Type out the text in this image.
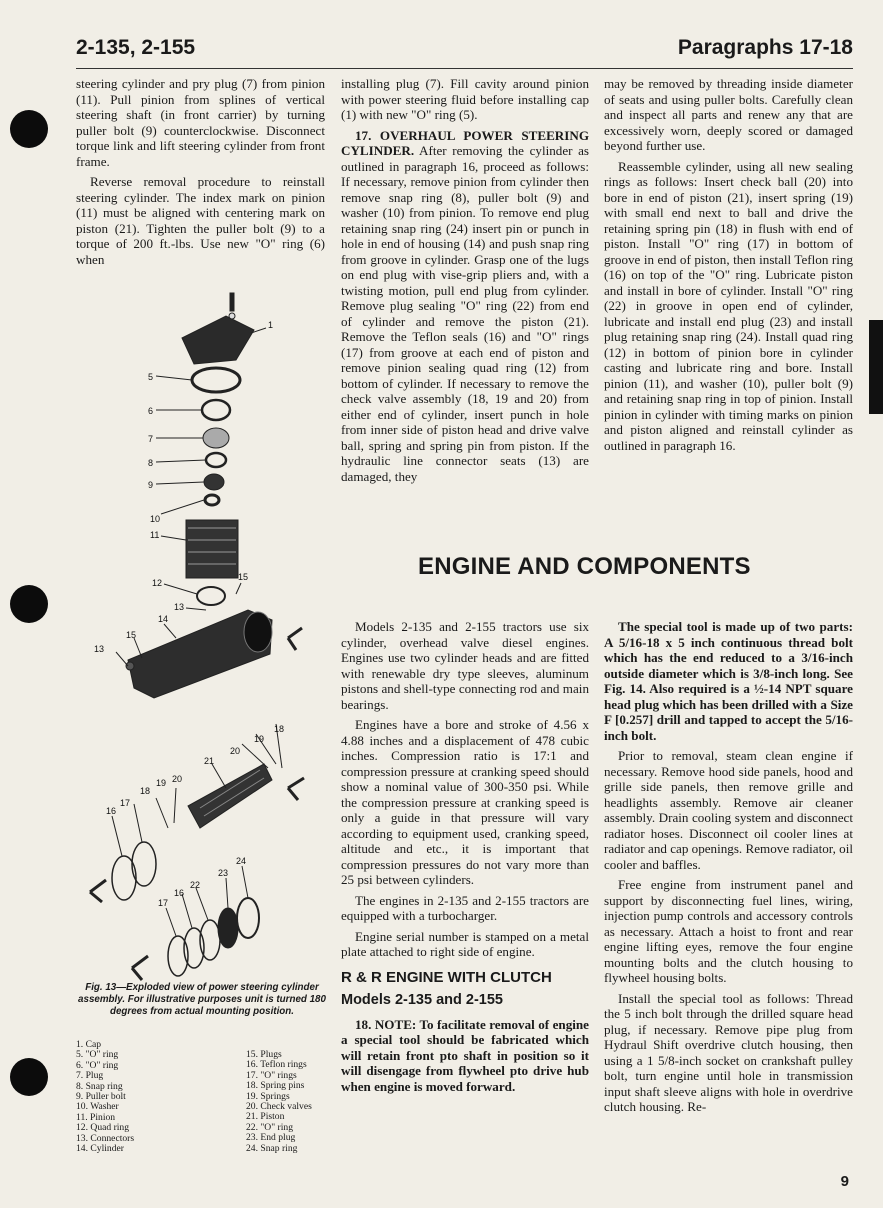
2-135, 2-155	Paragraphs 17-18

steering cylinder and pry plug (7) from pinion (11). Pull pinion from splines of vertical steering shaft (in front carrier) by turning puller bolt (9) counterclockwise. Disconnect torque link and lift steering cylinder from front frame.

Reverse removal procedure to reinstall steering cylinder. The index mark on pinion (11) must be aligned with centering mark on piston (21). Tighten the puller bolt (9) to a torque of 200 ft.-lbs. Use new "O" ring (6) when

installing plug (7). Fill cavity around pinion with power steering fluid before installing cap (1) with new "O" ring (5).

17. OVERHAUL POWER STEERING CYLINDER. After removing the cylinder as outlined in paragraph 16, proceed as follows: If necessary, remove pinion from cylinder then remove snap ring (8), puller bolt (9) and washer (10) from pinion. To remove end plug retaining snap ring (24) insert pin or punch in hole in end of housing (14) and push snap ring from groove in cylinder. Grasp one of the lugs on end plug with vise-grip pliers and, with a twisting motion, pull end plug from cylinder. Remove plug sealing "O" ring (22) from end of cylinder and remove the piston (21). Remove the Teflon seals (16) and "O" rings (17) from groove at each end of piston and remove pinion sealing quad ring (12) from bottom of cylinder. If necessary to remove the check valve assembly (18, 19 and 20) from either end of cylinder, insert punch in hole from inner side of piston head and drive valve ball, spring and spring pin from piston. If the hydraulic line connector seats (13) are damaged, they

may be removed by threading inside diameter of seats and using puller bolts. Carefully clean and inspect all parts and renew any that are excessively worn, deeply scored or damaged beyond further use.

Reassemble cylinder, using all new sealing rings as follows: Insert check ball (20) into bore in end of piston (21), insert spring (19) with small end next to ball and drive the retaining spring pin (18) in flush with end of piston. Install "O" ring (17) in bottom of groove in end of piston, then install Teflon ring (16) on top of the "O" ring. Lubricate piston and install in bore of cylinder. Install "O" ring (22) in groove in open end of cylinder, lubricate and install end plug (23) and install plug retaining snap ring (24). Install quad ring (12) in bottom of pinion bore in cylinder casting and lubricate ring and bore. Install pinion (11), and washer (10), puller bolt (9) and retaining snap ring in top of pinion. Install pinion in cylinder with timing marks on pinion and piston aligned and reinstall cylinder as outlined in paragraph 16.

ENGINE AND COMPONENTS

Models 2-135 and 2-155 tractors use six cylinder, overhead valve diesel engines. Engines use two cylinder heads and are fitted with renewable dry type sleeves, aluminum pistons and shell-type connecting rod and main bearings.

Engines have a bore and stroke of 4.56 x 4.88 inches and a displacement of 478 cubic inches. Compression ratio is 17:1 and compression pressure at cranking speed should show a nominal value of 300-350 psi. While the compression pressure at cranking speed is only a guide in that pressure will vary according to equipment used, cranking speed, altitude and etc., it is important that compression pressures do not vary more than 25 psi between cylinders.

The engines in 2-135 and 2-155 tractors are equipped with a turbocharger.

Engine serial number is stamped on a metal plate attached to right side of engine.

R & R ENGINE WITH CLUTCH
Models 2-135 and 2-155

18. NOTE: To facilitate removal of engine a special tool should be fabricated which will retain front pto shaft in position so it will disengage from flywheel pto drive hub when engine is moved forward.

The special tool is made up of two parts: A 5/16-18 x 5 inch continuous thread bolt which has the end reduced to a 3/16-inch outside diameter which is 3/8-inch long. See Fig. 14. Also required is a ½-14 NPT square head plug which has been drilled with a Size F [0.257] drill and tapped to accept the 5/16-inch bolt.

Prior to removal, steam clean engine if necessary. Remove hood side panels, hood and grille side panels, then remove grille and headlights assembly. Remove air cleaner assembly. Drain cooling system and disconnect radiator hoses. Disconnect oil cooler lines at radiator and cap openings. Remove radiator, oil cooler and baffles.

Free engine from instrument panel and support by disconnecting fuel lines, wiring, injection pump controls and accessory controls as necessary. Attach a hoist to front and rear engine lifting eyes, remove the four engine mounting bolts and the clutch housing to flywheel housing bolts.

Install the special tool as follows: Thread the 5 inch bolt through the drilled square head plug, if necessary. Remove pipe plug from Hydraul Shift overdrive clutch housing, then using a 1 5/8-inch socket on crankshaft pulley bolt, turn engine until hole in transmission input shaft sleeve aligns with hole in overdrive clutch housing. Re-

1
5
6
7
8
9
10
11
12
13
13
14
15
15
16
16
17
17
18
18
19
19
20
20
21
22
23
24
Fig. 13—Exploded view of power steering cylinder assembly. For illustrative purposes unit is turned 180 degrees from actual mounting position.
1. Cap
5. "O" ring
6. "O" ring
7. Plug
8. Snap ring
9. Puller bolt
10. Washer
11. Pinion
12. Quad ring
13. Connectors
14. Cylinder
15. Plugs
16. Teflon rings
17. "O" rings
18. Spring pins
19. Springs
20. Check valves
21. Piston
22. "O" ring
23. End plug
24. Snap ring
9
